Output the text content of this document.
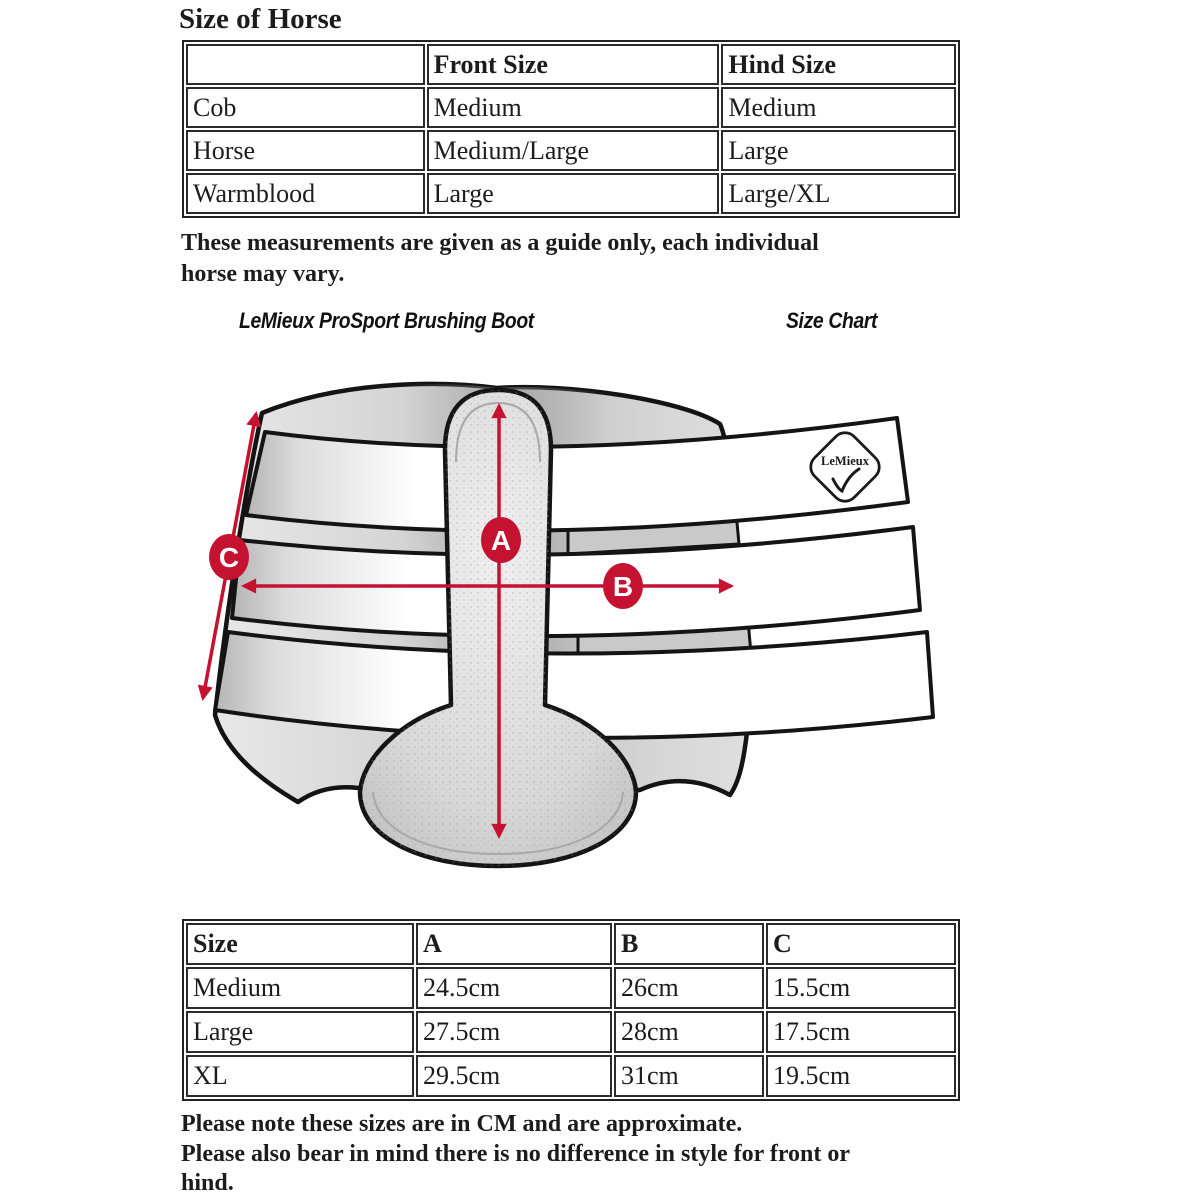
Size of Horse
	Front Size	Hind Size
Cob	Medium	Medium
Horse	Medium/Large	Large
Warmblood	Large	Large/XL
These measurements are given as a guide only, each individual
horse may vary.
LeMieux ProSport Brushing Boot	Size Chart
LeMieux
A
B
C
Size	A	B	C
Medium	24.5cm	26cm	15.5cm
Large	27.5cm	28cm	17.5cm
XL	29.5cm	31cm	19.5cm
Please note these sizes are in CM and are approximate.
Please also bear in mind there is no difference in style for front or
hind.
